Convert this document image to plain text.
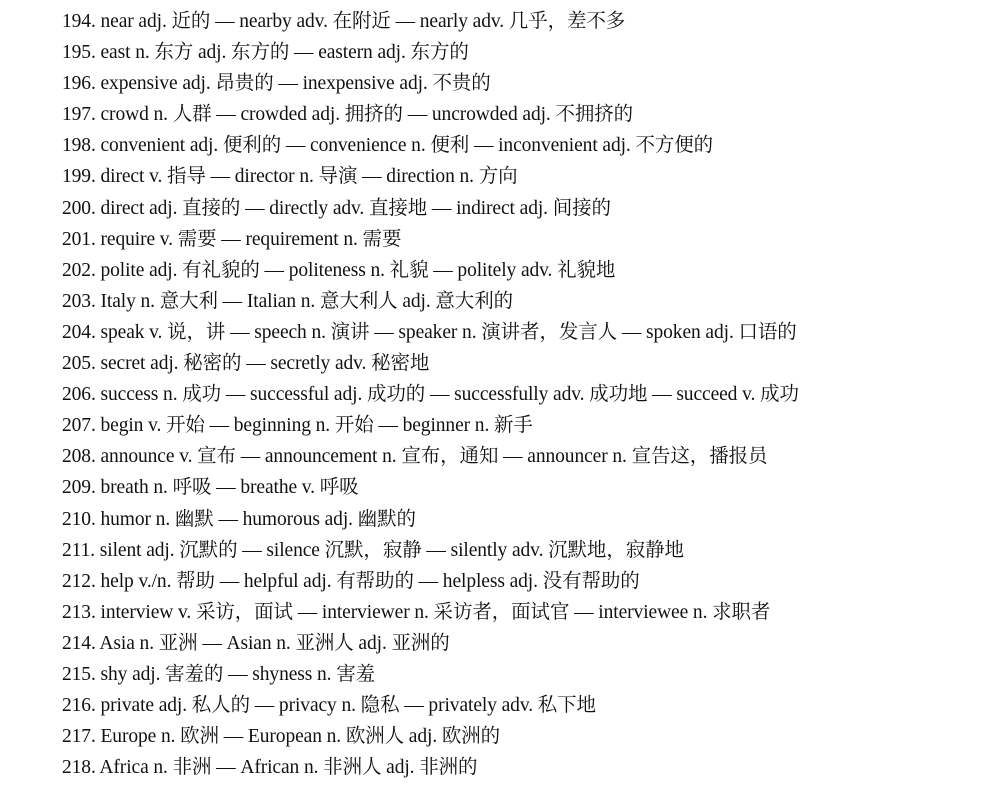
194. near adj. 近的 — nearby adv. 在附近 — nearly adv. 几乎，差不多
195. east n. 东方 adj. 东方的 — eastern adj. 东方的
196. expensive adj. 昂贵的 — inexpensive adj. 不贵的
197. crowd n. 人群 — crowded adj. 拥挤的 — uncrowded adj. 不拥挤的
198. convenient adj. 便利的 — convenience n. 便利 — inconvenient adj. 不方便的
199. direct v. 指导 — director n. 导演 — direction n. 方向
200. direct adj. 直接的 — directly adv. 直接地 — indirect adj. 间接的
201. require v. 需要 — requirement n. 需要
202. polite adj. 有礼貌的 — politeness n. 礼貌 — politely adv. 礼貌地
203. Italy n. 意大利 — Italian n. 意大利人 adj. 意大利的
204. speak v. 说，讲 — speech n. 演讲 — speaker n. 演讲者，发言人 — spoken adj. 口语的
205. secret adj. 秘密的 — secretly adv. 秘密地
206. success n. 成功 — successful adj. 成功的 — successfully adv. 成功地 — succeed v. 成功
207. begin v. 开始 — beginning n. 开始 — beginner n. 新手
208. announce v. 宣布 — announcement n. 宣布，通知 — announcer n. 宣告这，播报员
209. breath n. 呼吸 — breathe v. 呼吸
210. humor n. 幽默 — humorous adj. 幽默的
211. silent adj. 沉默的 — silence 沉默，寂静 — silently adv. 沉默地，寂静地
212. help v./n. 帮助 — helpful adj. 有帮助的 — helpless adj. 没有帮助的
213. interview v. 采访，面试 — interviewer n. 采访者，面试官 — interviewee n. 求职者
214. Asia n. 亚洲 — Asian n. 亚洲人 adj. 亚洲的
215. shy adj. 害羞的 — shyness n. 害羞
216. private adj. 私人的 — privacy n. 隐私 — privately adv. 私下地
217. Europe n. 欧洲 — European n. 欧洲人 adj. 欧洲的
218. Africa n. 非洲 — African n. 非洲人 adj. 非洲的
